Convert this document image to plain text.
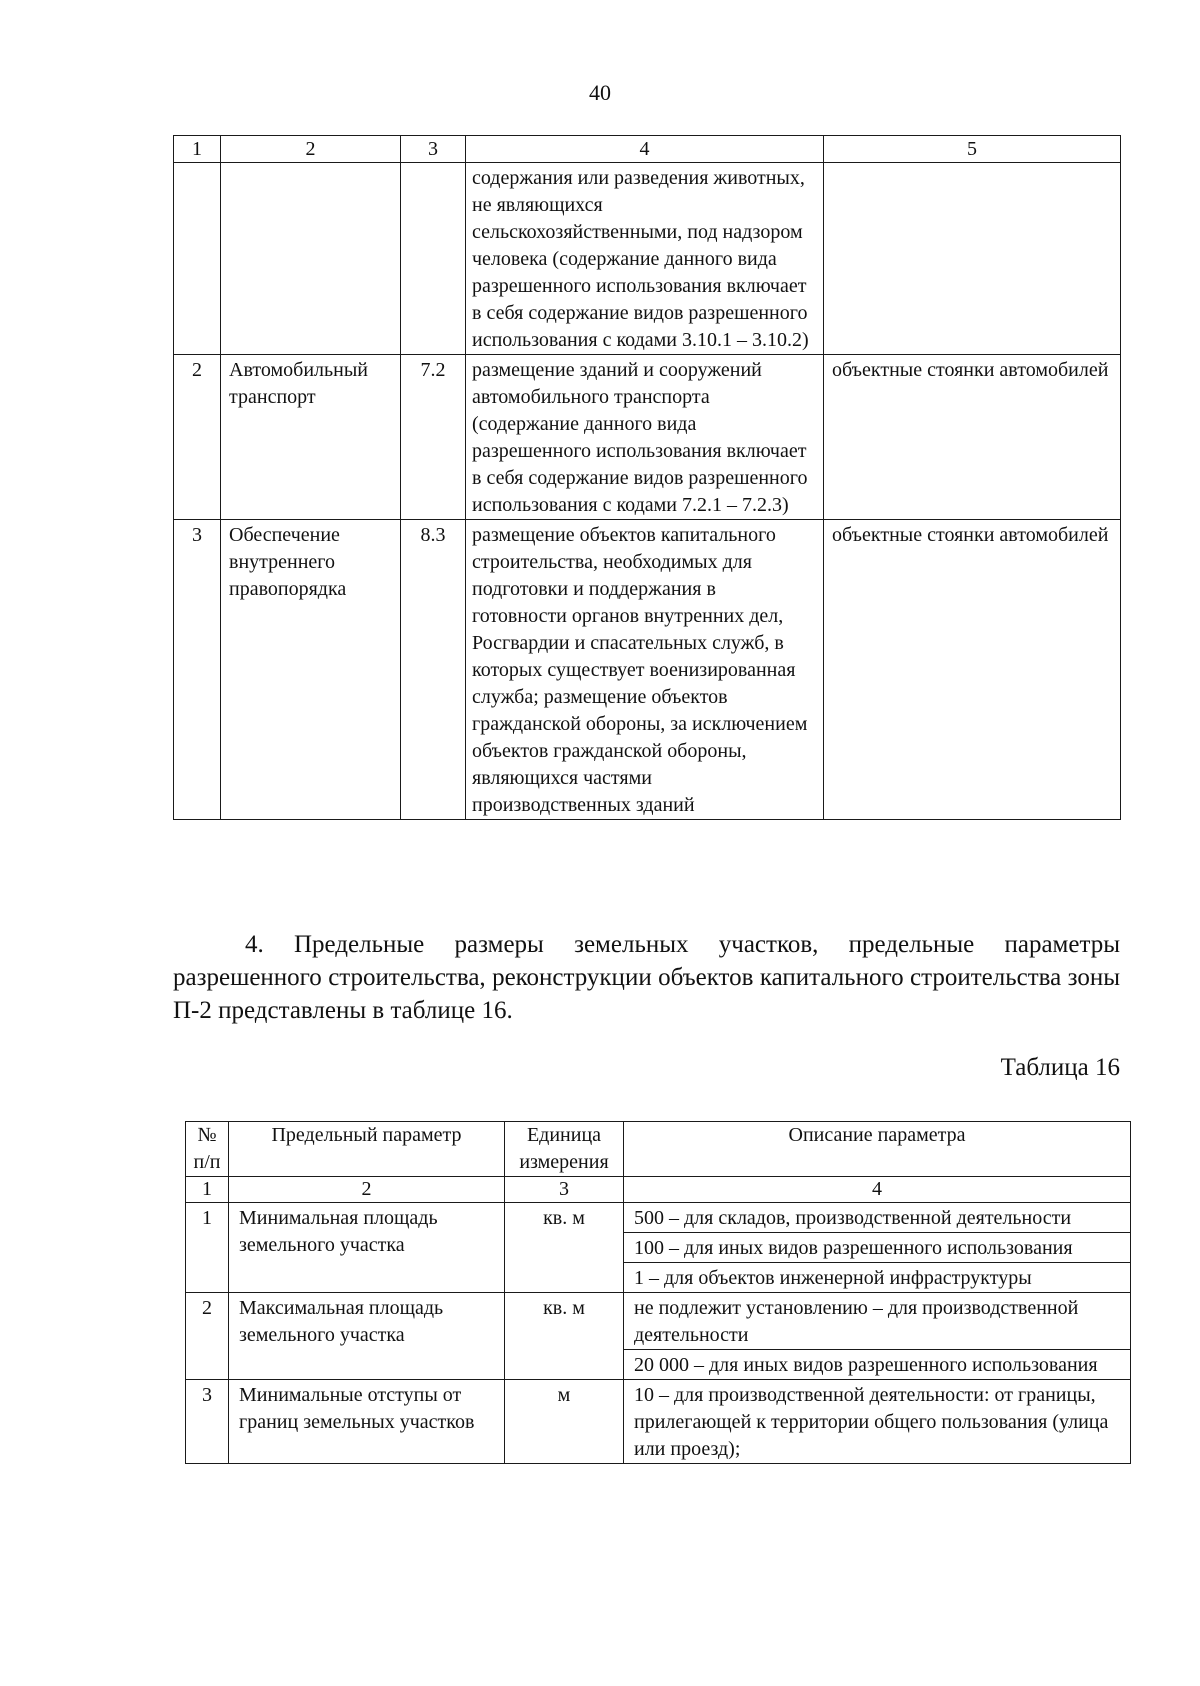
40
1	2	3	4	5
			содержания или разведения животных, не являющихся сельскохозяйственными, под надзором человека (содержание данного вида разрешенного использования включает в себя содержание видов разрешенного использования с кодами 3.10.1 – 3.10.2)	
2	Автомобильный транспорт	7.2	размещение зданий и сооружений автомобильного транспорта (содержание данного вида разрешенного использования включает в себя содержание видов разрешенного использования с кодами 7.2.1 – 7.2.3)	объектные стоянки автомобилей
3	Обеспечение внутреннего правопорядка	8.3	размещение объектов капитального строительства, необходимых для подготовки и поддержания в готовности органов внутренних дел, Росгвардии и спасательных служб, в которых существует военизированная служба; размещение объектов гражданской обороны, за исключением объектов гражданской обороны, являющихся частями производственных зданий	объектные стоянки автомобилей

4. Предельные размеры земельных участков, предельные параметры разрешенного строительства, реконструкции объектов капитального строительства зоны П-2 представлены в таблице 16.

Таблица 16

№ п/п	Предельный параметр	Единица измерения	Описание параметра
1	2	3	4
1	Минимальная площадь земельного участка	кв. м	500 – для складов, производственной деятельности
			100 – для иных видов разрешенного использования
			1 – для объектов инженерной инфраструктуры
2	Максимальная площадь земельного участка	кв. м	не подлежит установлению – для производственной деятельности
			20 000 – для иных видов разрешенного использования
3	Минимальные отступы от границ земельных участков	м	10 – для производственной деятельности: от границы, прилегающей к территории общего пользования (улица или проезд);
